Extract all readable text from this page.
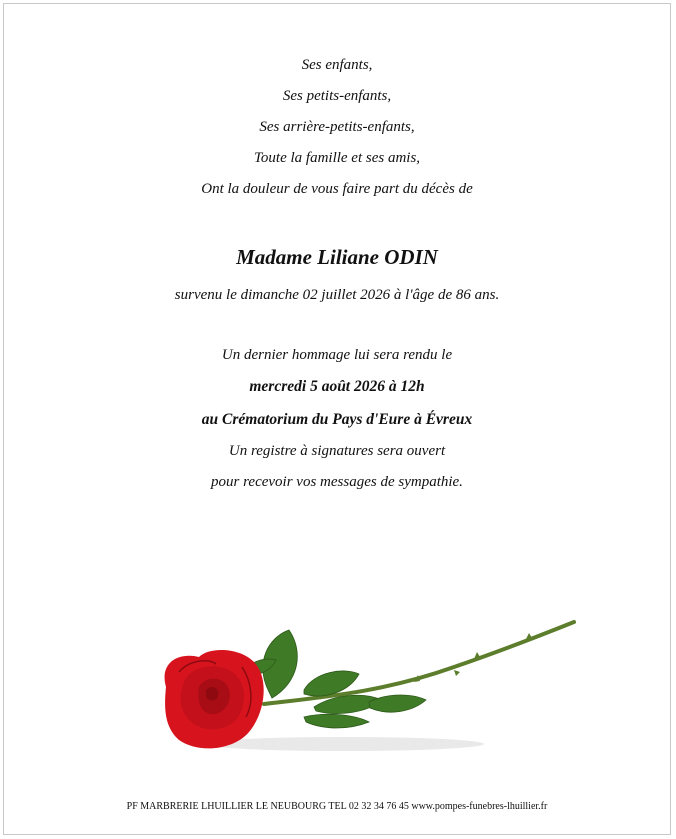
Ses enfants,
Ses petits-enfants,
Ses arrière-petits-enfants,
Toute la famille et ses amis,
Ont la douleur de vous faire part du décès de
Madame Liliane ODIN
survenu le dimanche 02 juillet 2026 à l'âge de 86 ans.
Un dernier hommage lui sera rendu le
mercredi 5 août 2026 à 12h
au Crématorium du Pays d'Eure à Évreux
Un registre à signatures sera ouvert
pour recevoir vos messages de sympathie.
PF MARBRERIE LHUILLIER LE NEUBOURG TEL 02 32 34 76 45 www.pompes-funebres-lhuillier.fr
